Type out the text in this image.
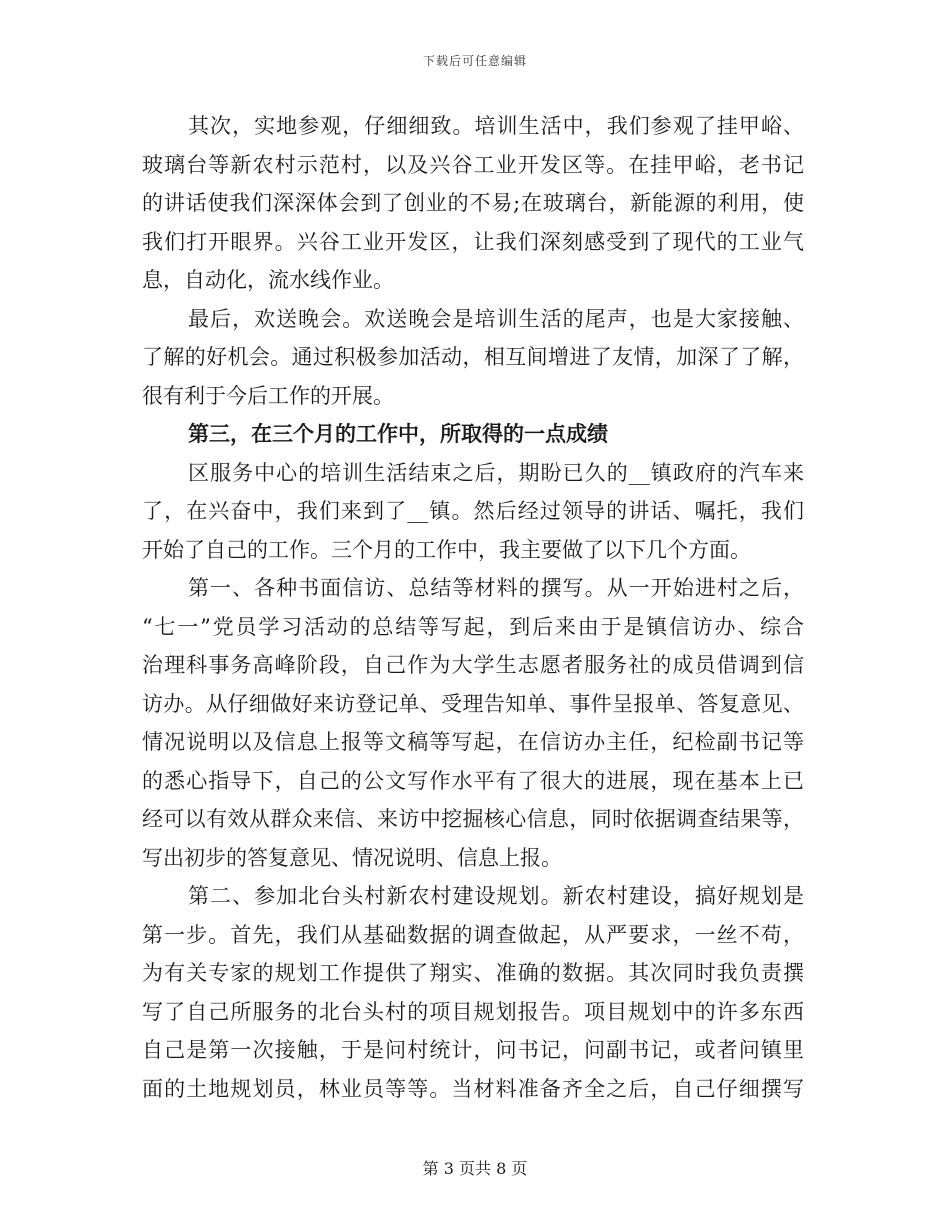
下载后可任意编辑
其次，实地参观，仔细细致。培训生活中，我们参观了挂甲峪、
玻璃台等新农村示范村，以及兴谷工业开发区等。在挂甲峪，老书记
的讲话使我们深深体会到了创业的不易;在玻璃台，新能源的利用，使
我们打开眼界。兴谷工业开发区，让我们深刻感受到了现代的工业气
息，自动化，流水线作业。
最后，欢送晚会。欢送晚会是培训生活的尾声，也是大家接触、
了解的好机会。通过积极参加活动，相互间增进了友情，加深了了解，
很有利于今后工作的开展。
第三，在三个月的工作中，所取得的一点成绩
区服务中心的培训生活结束之后，期盼已久的__镇政府的汽车来
了，在兴奋中，我们来到了__镇。然后经过领导的讲话、嘱托，我们
开始了自己的工作。三个月的工作中，我主要做了以下几个方面。
第一、各种书面信访、总结等材料的撰写。从一开始进村之后，
“七一”党员学习活动的总结等写起，到后来由于是镇信访办、综合
治理科事务高峰阶段，自己作为大学生志愿者服务社的成员借调到信
访办。从仔细做好来访登记单、受理告知单、事件呈报单、答复意见、
情况说明以及信息上报等文稿等写起，在信访办主任，纪检副书记等
的悉心指导下，自己的公文写作水平有了很大的进展，现在基本上已
经可以有效从群众来信、来访中挖掘核心信息，同时依据调查结果等，
写出初步的答复意见、情况说明、信息上报。
第二、参加北台头村新农村建设规划。新农村建设，搞好规划是
第一步。首先，我们从基础数据的调查做起，从严要求，一丝不苟，
为有关专家的规划工作提供了翔实、准确的数据。其次同时我负责撰
写了自己所服务的北台头村的项目规划报告。项目规划中的许多东西
自己是第一次接触，于是问村统计，问书记，问副书记，或者问镇里
面的土地规划员，林业员等等。当材料准备齐全之后，自己仔细撰写
第 3 页共 8 页
